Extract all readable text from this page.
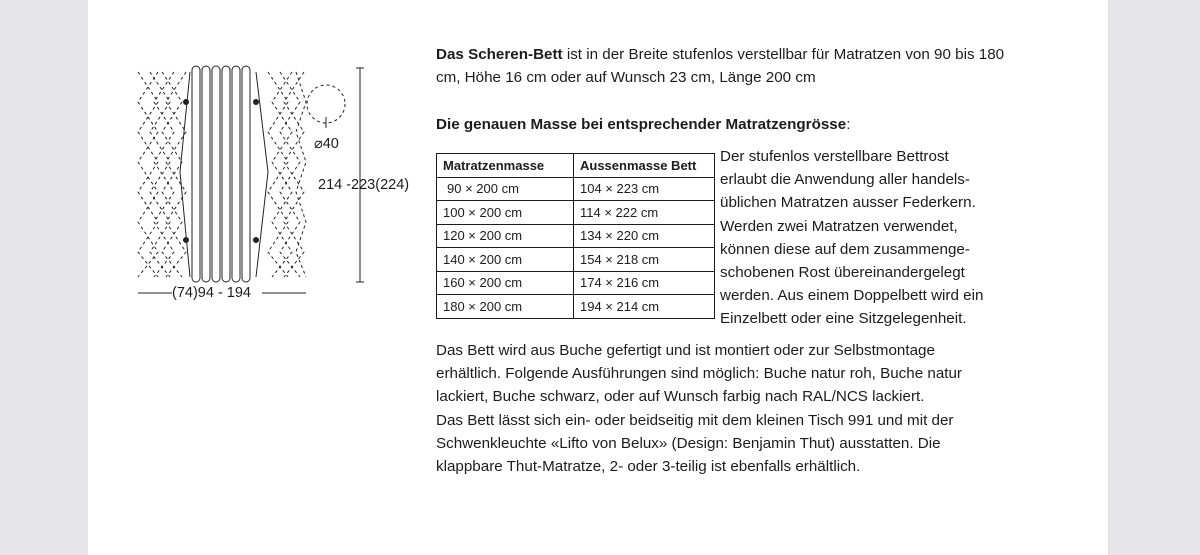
⌀40
214 -223(224)
(74)94 - 194

Das Scheren-Bett ist in der Breite stufenlos verstellbar für Matratzen von 90 bis 180 cm, Höhe 16 cm oder auf Wunsch 23 cm, Länge 200 cm

Die genauen Masse bei entsprechender Matratzengrösse:

Matratzenmasse	Aussenmasse Bett
90 × 200 cm	104 × 223 cm
100 × 200 cm	114 × 222 cm
120 × 200 cm	134 × 220 cm
140 × 200 cm	154 × 218 cm
160 × 200 cm	174 × 216 cm
180 × 200 cm	194 × 214 cm

Der stufenlos verstellbare Bettrost
erlaubt die Anwendung aller handels-
üblichen Matratzen ausser Federkern.
Werden zwei Matratzen verwendet,
können diese auf dem zusammenge-
schobenen Rost übereinandergelegt
werden. Aus einem Doppelbett wird ein
Einzelbett oder eine Sitzgelegenheit.

Das Bett wird aus Buche gefertigt und ist montiert oder zur Selbstmontage
erhältlich. Folgende Ausführungen sind möglich: Buche natur roh, Buche natur
lackiert, Buche schwarz, oder auf Wunsch farbig nach RAL/NCS lackiert.
Das Bett lässt sich ein- oder beidseitig mit dem kleinen Tisch 991 und mit der
Schwenkleuchte «Lifto von Belux» (Design: Benjamin Thut) ausstatten. Die
klappbare Thut-Matratze, 2- oder 3-teilig ist ebenfalls erhältlich.
